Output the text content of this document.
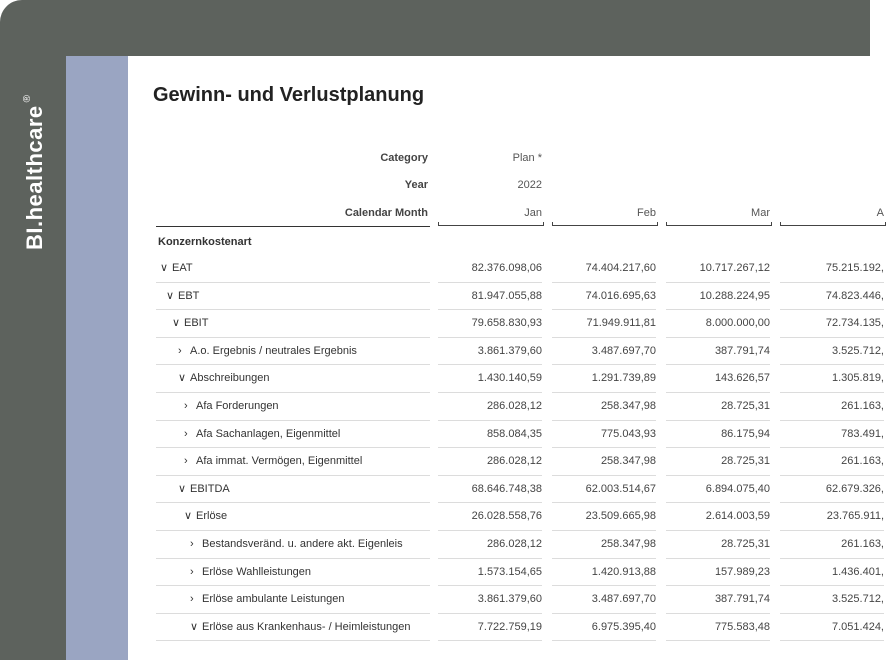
BI.healthcare®	Gewinn- und Verlustplanung
Category	Plan *
Year	2022
Calendar Month	Jan	Feb	Mar	A
Konzernkostenart
∨ EAT	82.376.098,06	74.404.217,60	10.717.267,12	75.215.192,
∨ EBT	81.947.055,88	74.016.695,63	10.288.224,95	74.823.446,
∨ EBIT	79.658.830,93	71.949.911,81	8.000.000,00	72.734.135,
› A.o. Ergebnis / neutrales Ergebnis	3.861.379,60	3.487.697,70	387.791,74	3.525.712,
∨ Abschreibungen	1.430.140,59	1.291.739,89	143.626,57	1.305.819,
› Afa Forderungen	286.028,12	258.347,98	28.725,31	261.163,
› Afa Sachanlagen, Eigenmittel	858.084,35	775.043,93	86.175,94	783.491,
› Afa immat. Vermögen, Eigenmittel	286.028,12	258.347,98	28.725,31	261.163,
∨ EBITDA	68.646.748,38	62.003.514,67	6.894.075,40	62.679.326,
∨ Erlöse	26.028.558,76	23.509.665,98	2.614.003,59	23.765.911,
› Bestandsveränd. u. andere akt. Eigenleis	286.028,12	258.347,98	28.725,31	261.163,
› Erlöse Wahlleistungen	1.573.154,65	1.420.913,88	157.989,23	1.436.401,
› Erlöse ambulante Leistungen	3.861.379,60	3.487.697,70	387.791,74	3.525.712,
∨ Erlöse aus Krankenhaus- / Heimleistungen	7.722.759,19	6.975.395,40	775.583,48	7.051.424,
